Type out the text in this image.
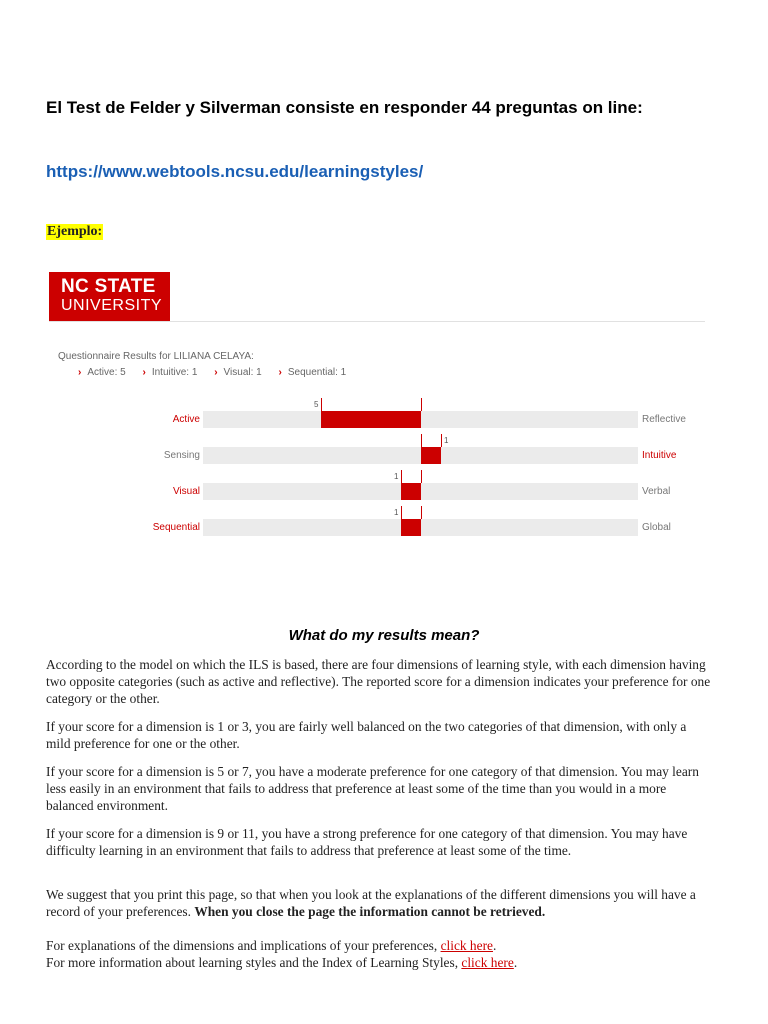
El Test de Felder y Silverman consiste en responder 44 preguntas on line:
https://www.webtools.ncsu.edu/learningstyles/
Ejemplo:
NC STATE
UNIVERSITY
Questionnaire Results for LILIANA CELAYA:
› Active: 5 › Intuitive: 1 › Visual: 1 › Sequential: 1
Active	Reflective
5
Sensing	Intuitive
1
Visual	Verbal
1
Sequential	Global
1
What do my results mean?

According to the model on which the ILS is based, there are four dimensions of learning style, with each dimension having two opposite categories (such as active and reflective). The reported score for a dimension indicates your preference for one category or the other.

If your score for a dimension is 1 or 3, you are fairly well balanced on the two categories of that dimension, with only a mild preference for one or the other.

If your score for a dimension is 5 or 7, you have a moderate preference for one category of that dimension. You may learn less easily in an environment that fails to address that preference at least some of the time than you would in a more balanced environment.

If your score for a dimension is 9 or 11, you have a strong preference for one category of that dimension. You may have difficulty learning in an environment that fails to address that preference at least some of the time.

We suggest that you print this page, so that when you look at the explanations of the different dimensions you will have a record of your preferences. When you close the page the information cannot be retrieved.

For explanations of the dimensions and implications of your preferences, click here.

For more information about learning styles and the Index of Learning Styles, click here.
